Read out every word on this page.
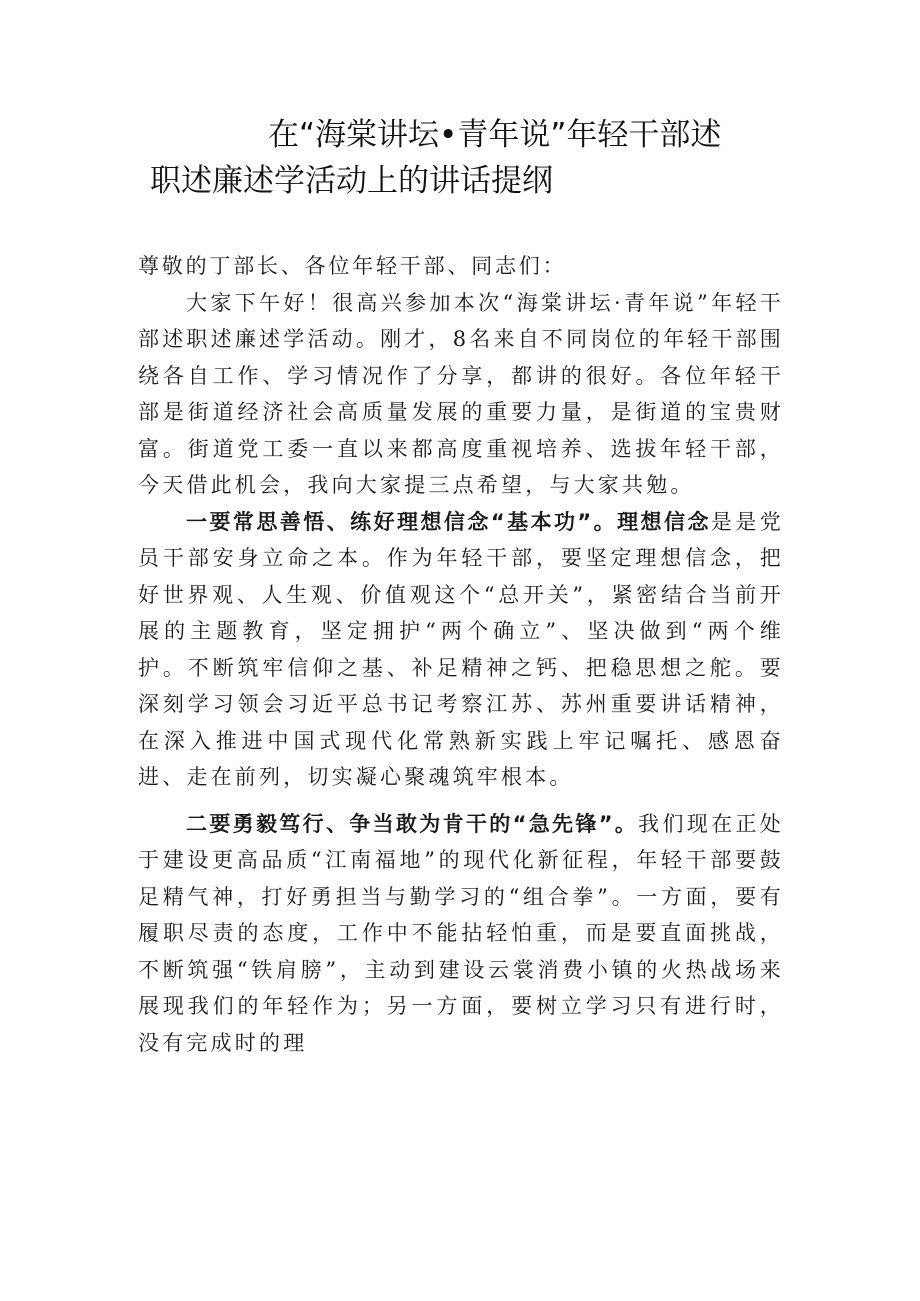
在“海棠讲坛•青年说”年轻干部述
职述廉述学活动上的讲话提纲

尊敬的丁部长、各位年轻干部、同志们：

大家下午好！很高兴参加本次“海棠讲坛·青年说”年轻干部述职述廉述学活动。刚才，8名来自不同岗位的年轻干部围绕各自工作、学习情况作了分享，都讲的很好。各位年轻干部是街道经济社会高质量发展的重要力量，是街道的宝贵财富。街道党工委一直以来都高度重视培养、选拔年轻干部，今天借此机会，我向大家提三点希望，与大家共勉。

一要常思善悟、练好理想信念“基本功”。理想信念是是党员干部安身立命之本。作为年轻干部，要坚定理想信念，把好世界观、人生观、价值观这个“总开关”，紧密结合当前开展的主题教育，坚定拥护“两个确立”、坚决做到“两个维护。不断筑牢信仰之基、补足精神之钙、把稳思想之舵。要深刻学习领会习近平总书记考察江苏、苏州重要讲话精神，在深入推进中国式现代化常熟新实践上牢记嘱托、感恩奋进、走在前列，切实凝心聚魂筑牢根本。

二要勇毅笃行、争当敢为肯干的“急先锋”。我们现在正处于建设更高品质“江南福地”的现代化新征程，年轻干部要鼓足精气神，打好勇担当与勤学习的“组合拳”。一方面，要有履职尽责的态度，工作中不能拈轻怕重，而是要直面挑战，不断筑强“铁肩膀”，主动到建设云裳消费小镇的火热战场来展现我们的年轻作为；另一方面，要树立学习只有进行时，没有完成时的理
